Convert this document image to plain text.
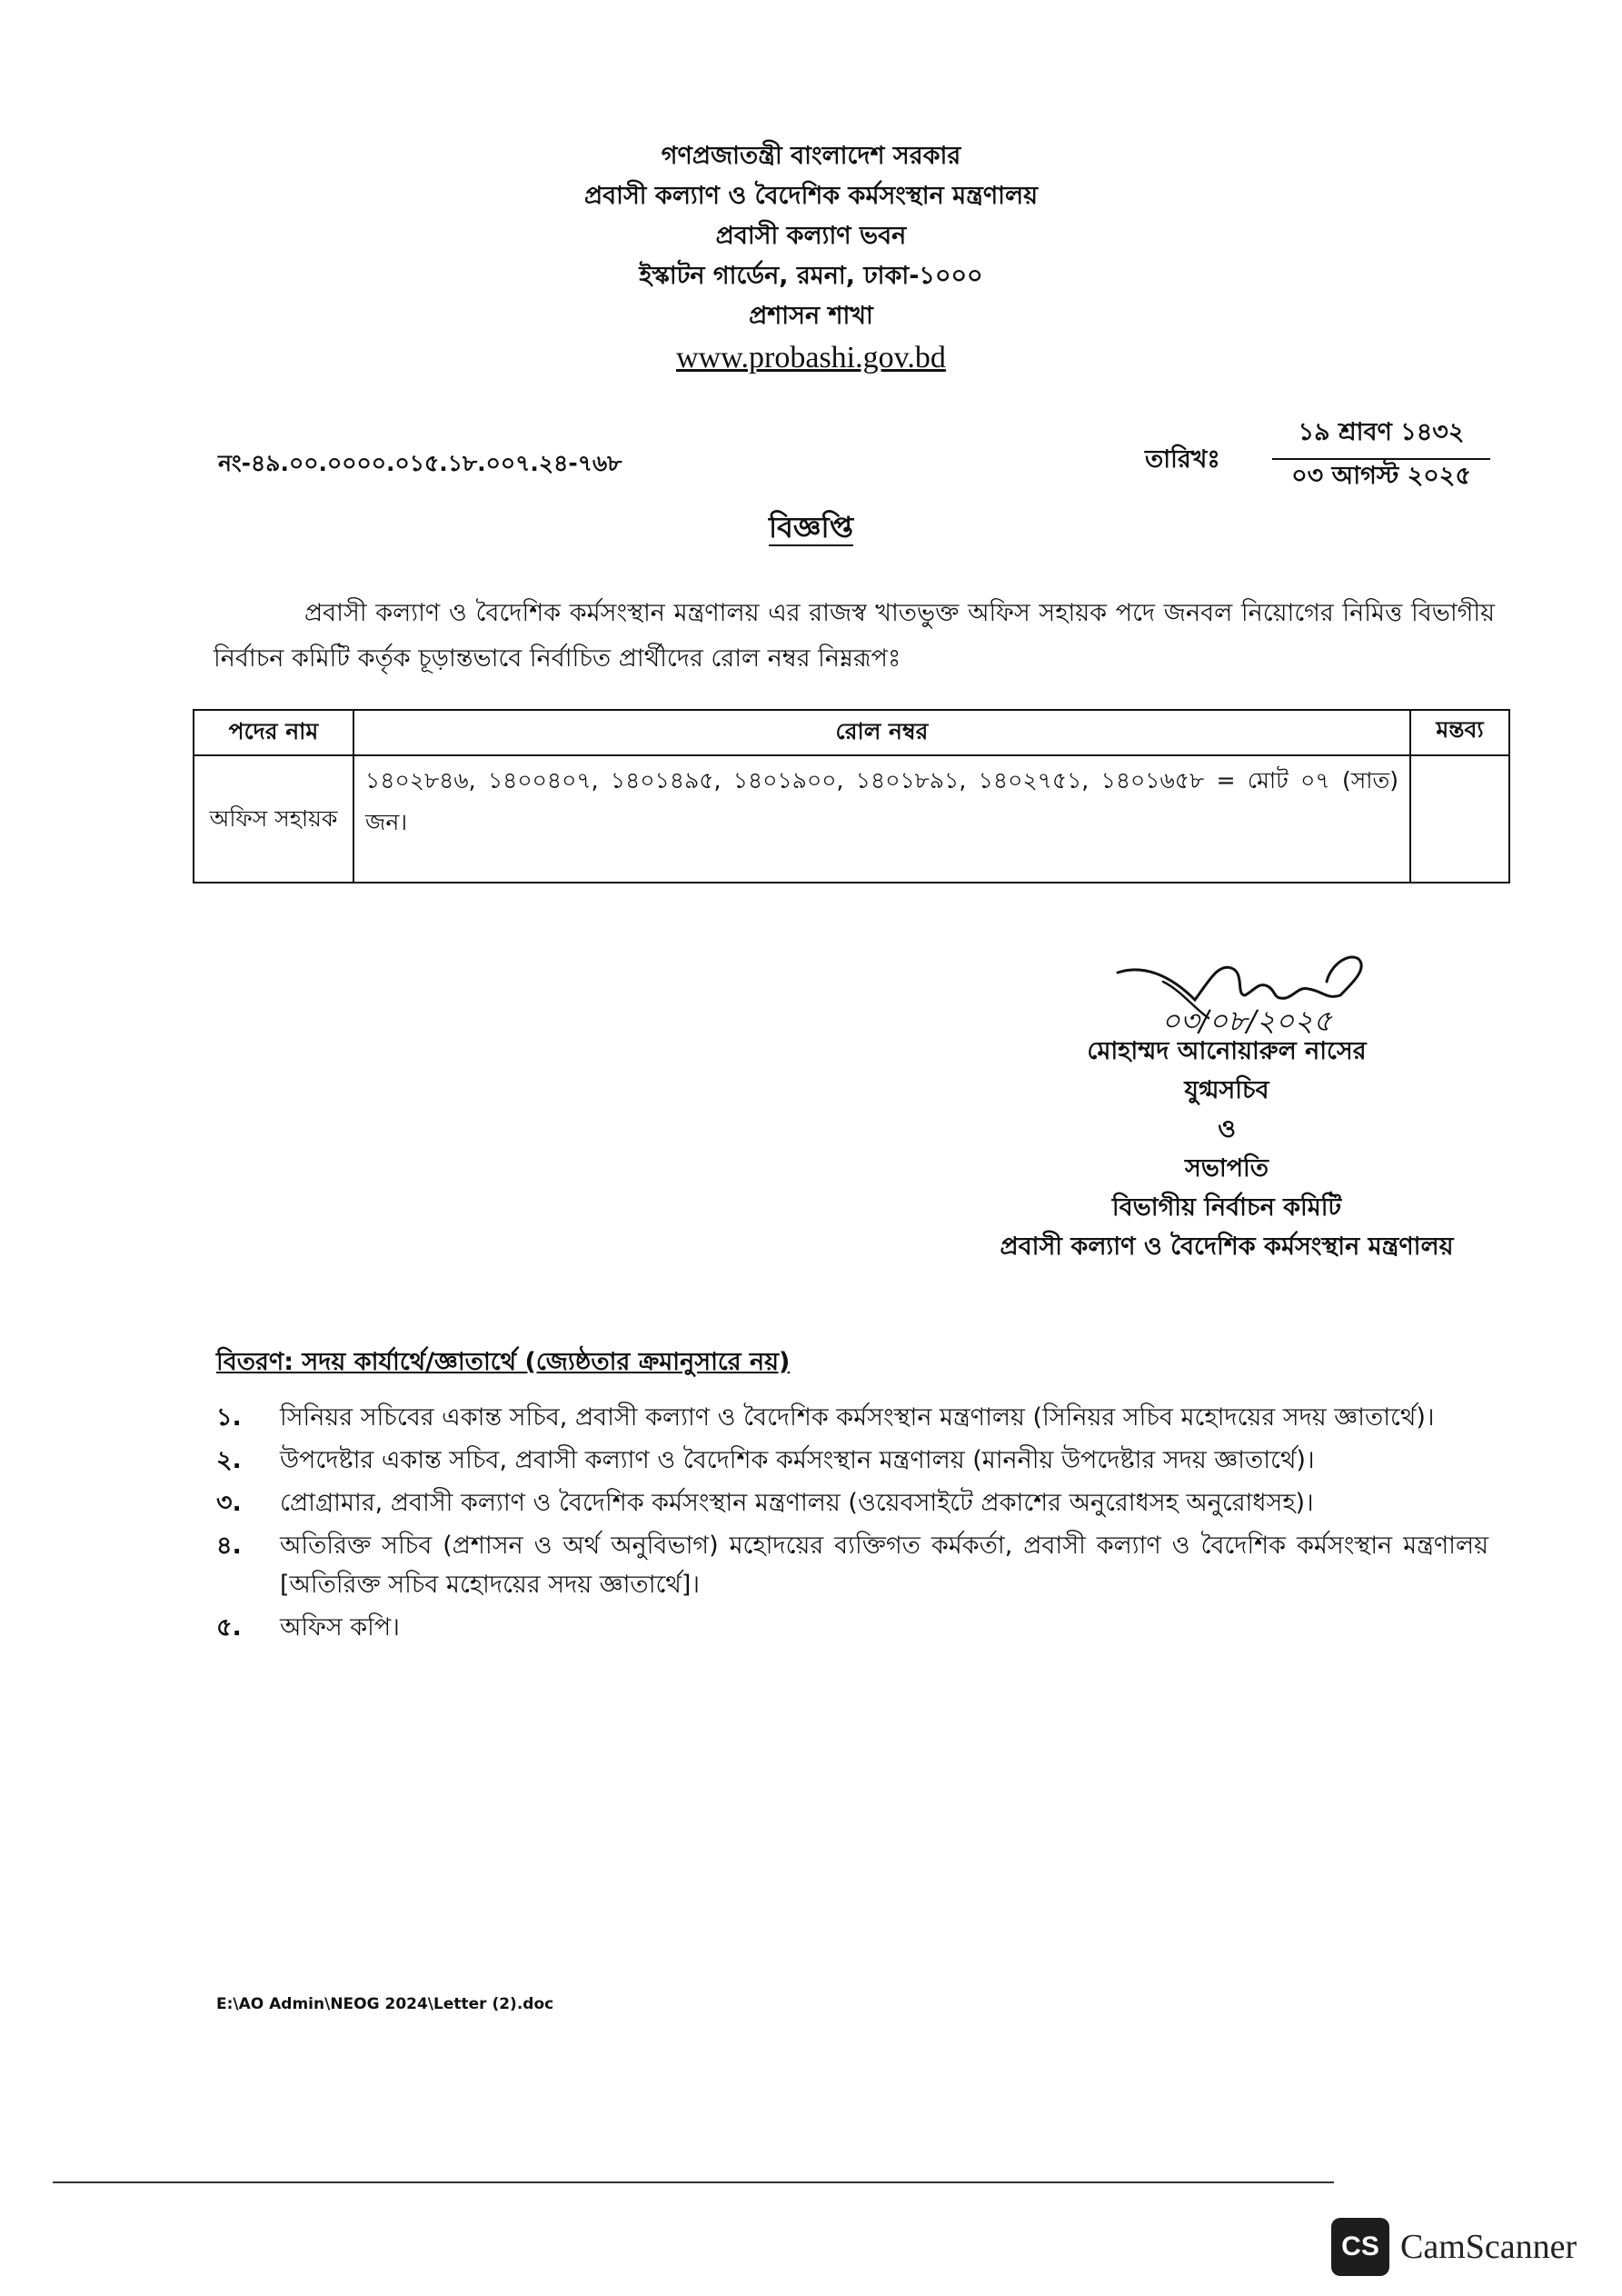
গণপ্রজাতন্ত্রী বাংলাদেশ সরকার
প্রবাসী কল্যাণ ও বৈদেশিক কর্মসংস্থান মন্ত্রণালয়
প্রবাসী কল্যাণ ভবন
ইস্কাটন গার্ডেন, রমনা, ঢাকা-১০০০
প্রশাসন শাখা
www.probashi.gov.bd
নং-৪৯.০০.০০০০.০১৫.১৮.০০৭.২৪-৭৬৮	তারিখঃ
১৯ শ্রাবণ ১৪৩২
০৩ আগস্ট ২০২৫
বিজ্ঞপ্তি
প্রবাসী কল্যাণ ও বৈদেশিক কর্মসংস্থান মন্ত্রণালয় এর রাজস্ব খাতভুক্ত অফিস সহায়ক পদে জনবল নিয়োগের নিমিত্ত বিভাগীয় নির্বাচন কমিটি কর্তৃক চূড়ান্তভাবে নির্বাচিত প্রার্থীদের রোল নম্বর নিম্নরূপঃ
পদের নাম	রোল নম্বর	মন্তব্য
অফিস সহায়ক	১৪০২৮৪৬, ১৪০০৪০৭, ১৪০১৪৯৫, ১৪০১৯০০, ১৪০১৮৯১, ১৪০২৭৫১, ১৪০১৬৫৮ = মোট ০৭ (সাত) জন।	
০৩/০৮/২০২৫
মোহাম্মদ আনোয়ারুল নাসের
যুগ্মসচিব
ও
সভাপতি
বিভাগীয় নির্বাচন কমিটি
প্রবাসী কল্যাণ ও বৈদেশিক কর্মসংস্থান মন্ত্রণালয়
বিতরণ: সদয় কার্যার্থে/জ্ঞাতার্থে (জ্যেষ্ঠতার ক্রমানুসারে নয়)
১.	সিনিয়র সচিবের একান্ত সচিব, প্রবাসী কল্যাণ ও বৈদেশিক কর্মসংস্থান মন্ত্রণালয় (সিনিয়র সচিব মহোদয়ের সদয় জ্ঞাতার্থে)।
২.	উপদেষ্টার একান্ত সচিব, প্রবাসী কল্যাণ ও বৈদেশিক কর্মসংস্থান মন্ত্রণালয় (মাননীয় উপদেষ্টার সদয় জ্ঞাতার্থে)।
৩.	প্রোগ্রামার, প্রবাসী কল্যাণ ও বৈদেশিক কর্মসংস্থান মন্ত্রণালয় (ওয়েবসাইটে প্রকাশের অনুরোধসহ অনুরোধসহ)।
৪.	অতিরিক্ত সচিব (প্রশাসন ও অর্থ অনুবিভাগ) মহোদয়ের ব্যক্তিগত কর্মকর্তা, প্রবাসী কল্যাণ ও বৈদেশিক কর্মসংস্থান মন্ত্রণালয় [অতিরিক্ত সচিব মহোদয়ের সদয় জ্ঞাতার্থে]।
৫.	অফিস কপি।
E:\AO Admin\NEOG 2024\Letter (2).doc
CS CamScanner
